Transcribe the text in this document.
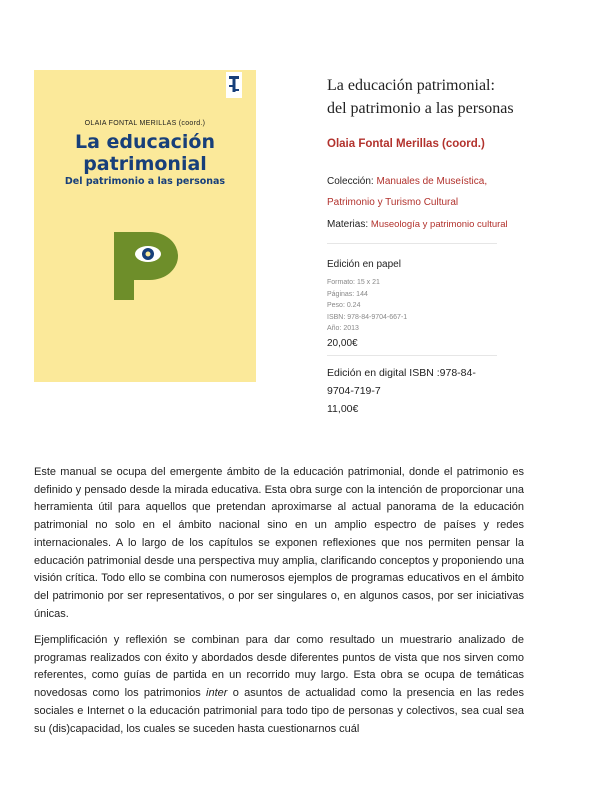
OLAIA FONTAL MERILLAS (coord.)
La educación
patrimonial
Del patrimonio a las personas
La educación patrimonial:
del patrimonio a las personas
Olaia Fontal Merillas (coord.)
Colección: Manuales de Museística,
Patrimonio y Turismo Cultural
Materias: Museología y patrimonio cultural
Edición en papel
Formato: 15 x 21
Páginas: 144
Peso: 0.24
ISBN: 978-84-9704-667-1
Año: 2013
20,00€
Edición en digital ISBN :978-84-
9704-719-7
11,00€

Este manual se ocupa del emergente ámbito de la educación patrimonial, donde el patrimonio es definido y pensado desde la mirada educativa. Esta obra surge con la intención de proporcionar una herramienta útil para aquellos que pretendan aproximarse al actual panorama de la educación patrimonial no solo en el ámbito nacional sino en un amplio espectro de países y redes internacionales. A lo largo de los capítulos se exponen reflexiones que nos permiten pensar la educación patrimonial desde una perspectiva muy amplia, clarificando conceptos y proponiendo una visión crítica. Todo ello se combina con numerosos ejemplos de programas educativos en el ámbito del patrimonio por ser representativos, o por ser singulares o, en algunos casos, por ser iniciativas únicas.

Ejemplificación y reflexión se combinan para dar como resultado un muestrario analizado de programas realizados con éxito y abordados desde diferentes puntos de vista que nos sirven como referentes, como guías de partida en un recorrido muy largo. Esta obra se ocupa de temáticas novedosas como los patrimonios inter o asuntos de actualidad como la presencia en las redes sociales e Internet o la educación patrimonial para todo tipo de personas y colectivos, sea cual sea su (dis)capacidad, los cuales se suceden hasta cuestionarnos cuál
